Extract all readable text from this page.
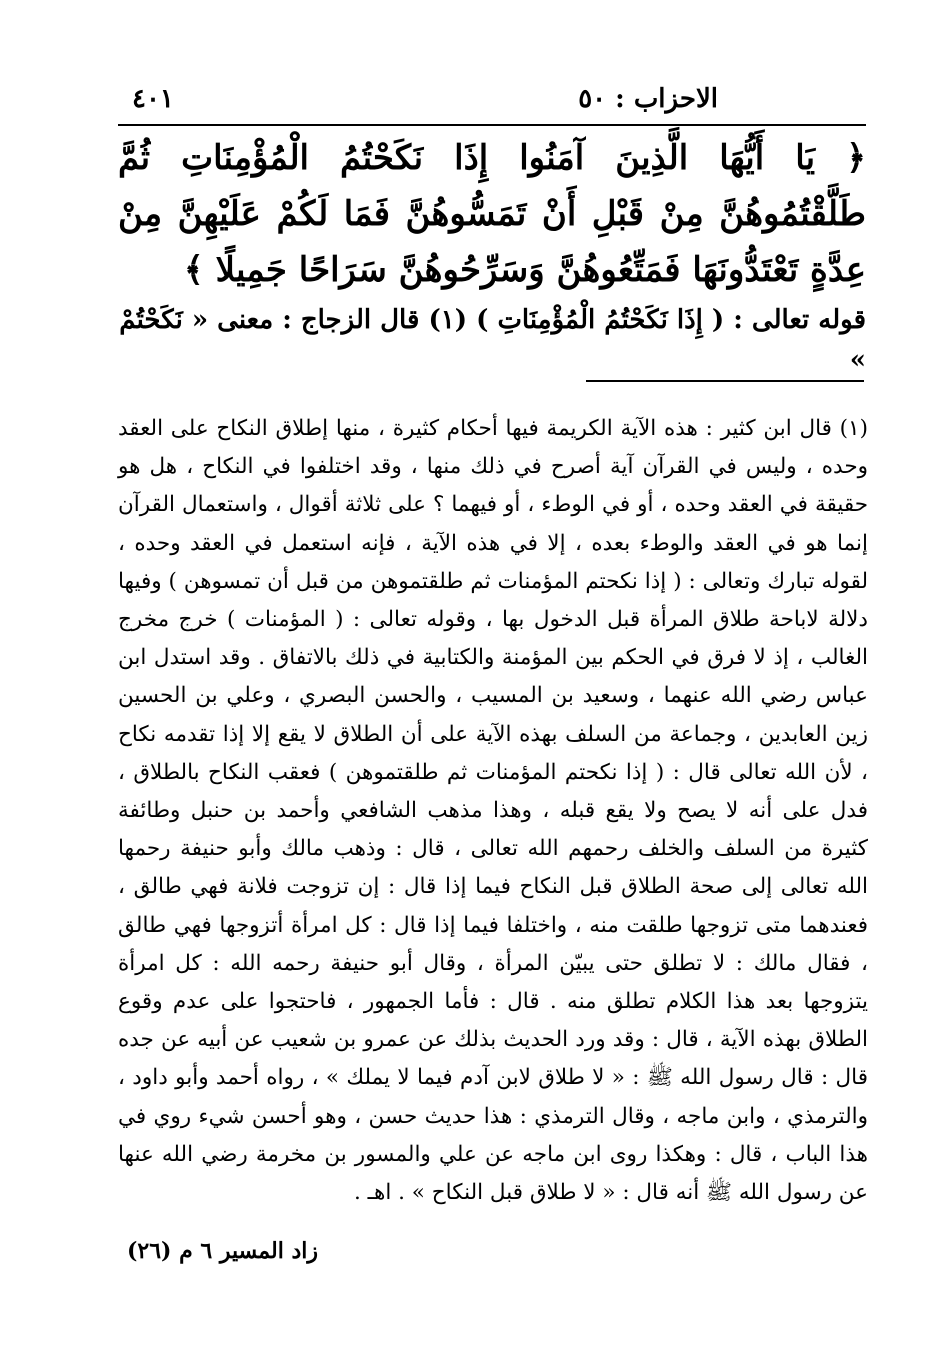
الاحزاب : ٥٠
٤٠١
﴿ يَا أَيُّهَا الَّذِينَ آمَنُوا إِذَا نَكَحْتُمُ الْمُؤْمِنَاتِ ثُمَّ طَلَّقْتُمُوهُنَّ مِنْ قَبْلِ أَنْ تَمَسُّوهُنَّ فَمَا لَكُمْ عَلَيْهِنَّ مِنْ عِدَّةٍ تَعْتَدُّونَهَا فَمَتِّعُوهُنَّ وَسَرِّحُوهُنَّ سَرَاحًا جَمِيلًا ﴾
قوله تعالى : ( إِذَا نَكَحْتُمُ الْمُؤْمِنَاتِ ) (١) قال الزجاج : معنى « نَكَحْتُمْ »
(١) قال ابن كثير : هذه الآية الكريمة فيها أحكام كثيرة ، منها إطلاق النكاح على العقد وحده ، وليس في القرآن آية أصرح في ذلك منها ، وقد اختلفوا في النكاح ، هل هو حقيقة في العقد وحده ، أو في الوطء ، أو فيهما ؟ على ثلاثة أقوال ، واستعمال القرآن إنما هو في العقد والوطء بعده ، إلا في هذه الآية ، فإنه استعمل في العقد وحده ، لقوله تبارك وتعالى : ( إذا نكحتم المؤمنات ثم طلقتموهن من قبل أن تمسوهن ) وفيها دلالة لاباحة طلاق المرأة قبل الدخول بها ، وقوله تعالى : ( المؤمنات ) خرج مخرج الغالب ، إذ لا فرق في الحكم بين المؤمنة والكتابية في ذلك بالاتفاق . وقد استدل ابن عباس رضي الله عنهما ، وسعيد بن المسيب ، والحسن البصري ، وعلي بن الحسين زين العابدين ، وجماعة من السلف بهذه الآية على أن الطلاق لا يقع إلا إذا تقدمه نكاح ، لأن الله تعالى قال : ( إذا نكحتم المؤمنات ثم طلقتموهن ) فعقب النكاح بالطلاق ، فدل على أنه لا يصح ولا يقع قبله ، وهذا مذهب الشافعي وأحمد بن حنبل وطائفة كثيرة من السلف والخلف رحمهم الله تعالى ، قال : وذهب مالك وأبو حنيفة رحمها الله تعالى إلى صحة الطلاق قبل النكاح فيما إذا قال : إن تزوجت فلانة فهي طالق ، فعندهما متى تزوجها طلقت منه ، واختلفا فيما إذا قال : كل امرأة أتزوجها فهي طالق ، فقال مالك : لا تطلق حتى يبيّن المرأة ، وقال أبو حنيفة رحمه الله : كل امرأة يتزوجها بعد هذا الكلام تطلق منه . قال : فأما الجمهور ، فاحتجوا على عدم وقوع الطلاق بهذه الآية ، قال : وقد ورد الحديث بذلك عن عمرو بن شعيب عن أبيه عن جده قال : قال رسول الله ﷺ : « لا طلاق لابن آدم فيما لا يملك » ، رواه أحمد وأبو داود ، والترمذي ، وابن ماجه ، وقال الترمذي : هذا حديث حسن ، وهو أحسن شيء روي في هذا الباب ، قال : وهكذا روى ابن ماجه عن علي والمسور بن مخرمة رضي الله عنها عن رسول الله ﷺ أنه قال : « لا طلاق قبل النكاح » . اهـ .
زاد المسير ٦ م (٢٦)
